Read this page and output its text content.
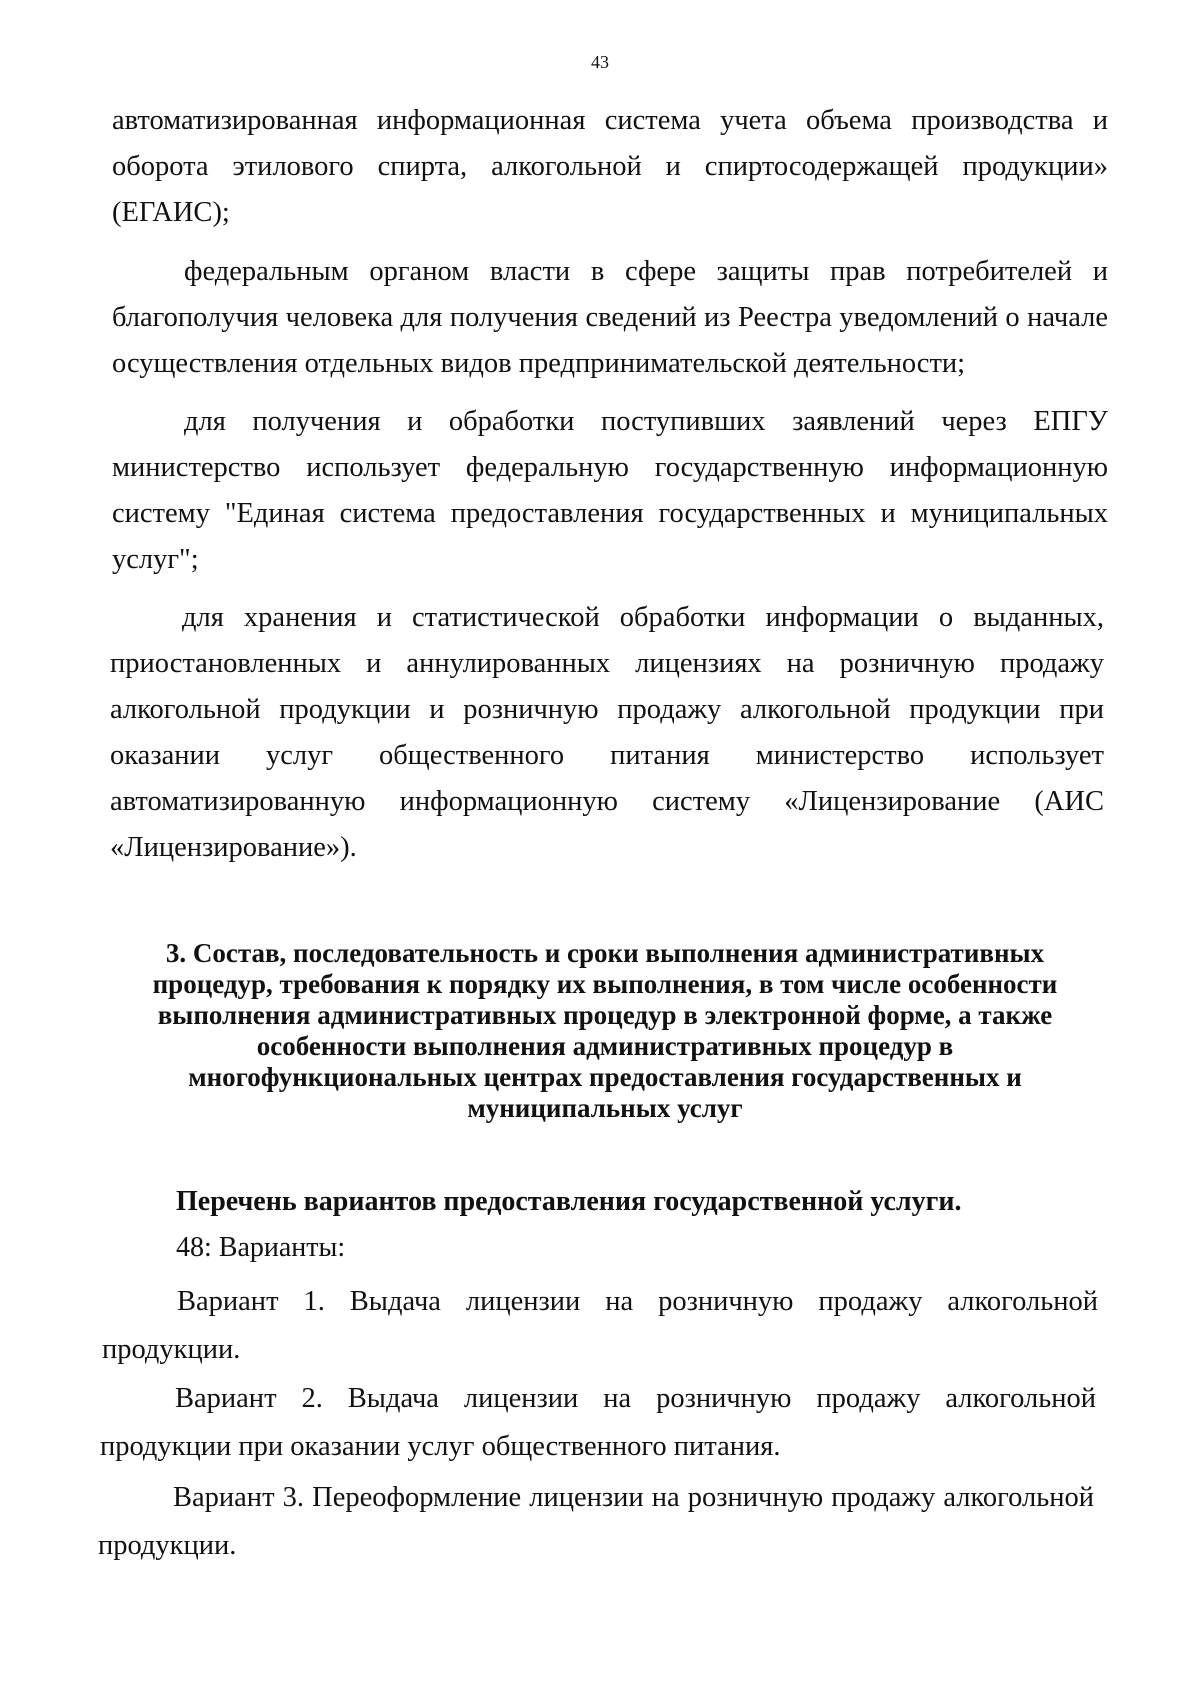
43

автоматизированная информационная система учета объема производства и оборота этилового спирта, алкогольной и спиртосодержащей продукции» (ЕГАИС);

федеральным органом власти в сфере защиты прав потребителей и благополучия человека для получения сведений из Реестра уведомлений о начале осуществления отдельных видов предпринимательской деятельности;

для получения и обработки поступивших заявлений через ЕПГУ министерство использует федеральную государственную информационную систему "Единая система предоставления государственных и муниципальных услуг";

для хранения и статистической обработки информации о выданных, приостановленных и аннулированных лицензиях на розничную продажу алкогольной продукции и розничную продажу алкогольной продукции при оказании услуг общественного питания министерство использует автоматизированную информационную систему «Лицензирование (АИС «Лицензирование»).

3. Состав, последовательность и сроки выполнения административных процедур, требования к порядку их выполнения, в том числе особенности выполнения административных процедур в электронной форме, а также особенности выполнения административных процедур в многофункциональных центрах предоставления государственных и муниципальных услуг
Перечень вариантов предоставления государственной услуги.

48: Варианты:

Вариант 1. Выдача лицензии на розничную продажу алкогольной продукции.

Вариант 2. Выдача лицензии на розничную продажу алкогольной продукции при оказании услуг общественного питания.

Вариант 3. Переоформление лицензии на розничную продажу алкогольной продукции.
